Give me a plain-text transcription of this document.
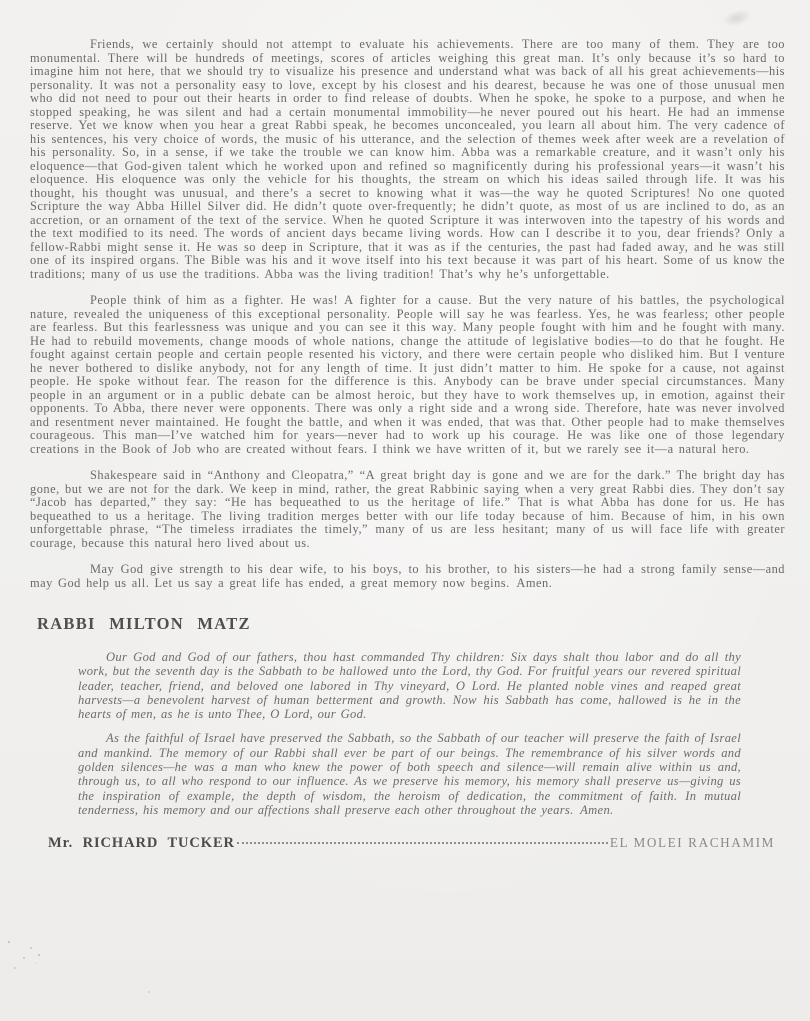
Friends, we certainly should not attempt to evaluate his achievements. There are too many of them. They are too monumental. There will be hundreds of meetings, scores of articles weighing this great man. It’s only because it’s so hard to imagine him not here, that we should try to visualize his presence and understand what was back of all his great achievements—his personality. It was not a personality easy to love, except by his closest and his dearest, because he was one of those unusual men who did not need to pour out their hearts in order to find release of doubts. When he spoke, he spoke to a purpose, and when he stopped speaking, he was silent and had a certain monumental immobility—he never poured out his heart. He had an immense reserve. Yet we know when you hear a great Rabbi speak, he becomes unconcealed, you learn all about him. The very cadence of his sentences, his very choice of words, the music of his utterance, and the selection of themes week after week are a revelation of his personality. So, in a sense, if we take the trouble we can know him. Abba was a remarkable creature, and it wasn’t only his eloquence—that God-given talent which he worked upon and refined so magnificently during his professional years—it wasn’t his eloquence. His eloquence was only the vehicle for his thoughts, the stream on which his ideas sailed through life. It was his thought, his thought was unusual, and there’s a secret to knowing what it was—the way he quoted Scriptures! No one quoted Scripture the way Abba Hillel Silver did. He didn’t quote over-frequently; he didn’t quote, as most of us are inclined to do, as an accretion, or an ornament of the text of the service. When he quoted Scripture it was interwoven into the tapestry of his words and the text modified to its need. The words of ancient days became living words. How can I describe it to you, dear friends? Only a fellow-Rabbi might sense it. He was so deep in Scripture, that it was as if the centuries, the past had faded away, and he was still one of its inspired organs. The Bible was his and it wove itself into his text because it was part of his heart. Some of us know the traditions; many of us use the traditions. Abba was the living tradition! That’s why he’s unforgettable.

People think of him as a fighter. He was! A fighter for a cause. But the very nature of his battles, the psychological nature, revealed the uniqueness of this exceptional personality. People will say he was fearless. Yes, he was fearless; other people are fearless. But this fearlessness was unique and you can see it this way. Many people fought with him and he fought with many. He had to rebuild movements, change moods of whole nations, change the attitude of legislative bodies—to do that he fought. He fought against certain people and certain people resented his victory, and there were certain people who disliked him. But I venture he never bothered to dislike anybody, not for any length of time. It just didn’t matter to him. He spoke for a cause, not against people. He spoke without fear. The reason for the difference is this. Anybody can be brave under special circumstances. Many people in an argument or in a public debate can be almost heroic, but they have to work themselves up, in emotion, against their opponents. To Abba, there never were opponents. There was only a right side and a wrong side. Therefore, hate was never involved and resentment never maintained. He fought the battle, and when it was ended, that was that. Other people had to make themselves courageous. This man—I’ve watched him for years—never had to work up his courage. He was like one of those legendary creations in the Book of Job who are created without fears. I think we have written of it, but we rarely see it—a natural hero.

Shakespeare said in “Anthony and Cleopatra,” “A great bright day is gone and we are for the dark.” The bright day has gone, but we are not for the dark. We keep in mind, rather, the great Rabbinic saying when a very great Rabbi dies. They don’t say “Jacob has departed,” they say: “He has bequeathed to us the heritage of life.” That is what Abba has done for us. He has bequeathed to us a heritage. The living tradition merges better with our life today because of him. Because of him, in his own unforgettable phrase, “The timeless irradiates the timely,” many of us are less hesitant; many of us will face life with greater courage, because this natural hero lived about us.

May God give strength to his dear wife, to his boys, to his brother, to his sisters—he had a strong family sense—and may God help us all. Let us say a great life has ended, a great memory now begins. Amen.

RABBI MILTON MATZ

Our God and God of our fathers, thou hast commanded Thy children: Six days shalt thou labor and do all thy work, but the seventh day is the Sabbath to be hallowed unto the Lord, thy God. For fruitful years our revered spiritual leader, teacher, friend, and beloved one labored in Thy vineyard, O Lord. He planted noble vines and reaped great harvests—a benevolent harvest of human betterment and growth. Now his Sabbath has come, hallowed is he in the hearts of men, as he is unto Thee, O Lord, our God.

As the faithful of Israel have preserved the Sabbath, so the Sabbath of our teacher will preserve the faith of Israel and mankind. The memory of our Rabbi shall ever be part of our beings. The remembrance of his silver words and golden silences—he was a man who knew the power of both speech and silence—will remain alive within us and, through us, to all who respond to our influence. As we preserve his memory, his memory shall preserve us—giving us the inspiration of example, the depth of wisdom, the heroism of dedication, the commitment of faith. In mutual tenderness, his memory and our affections shall preserve each other throughout the years. Amen.

Mr. RICHARD TUCKER	EL MOLEI RACHAMIM
